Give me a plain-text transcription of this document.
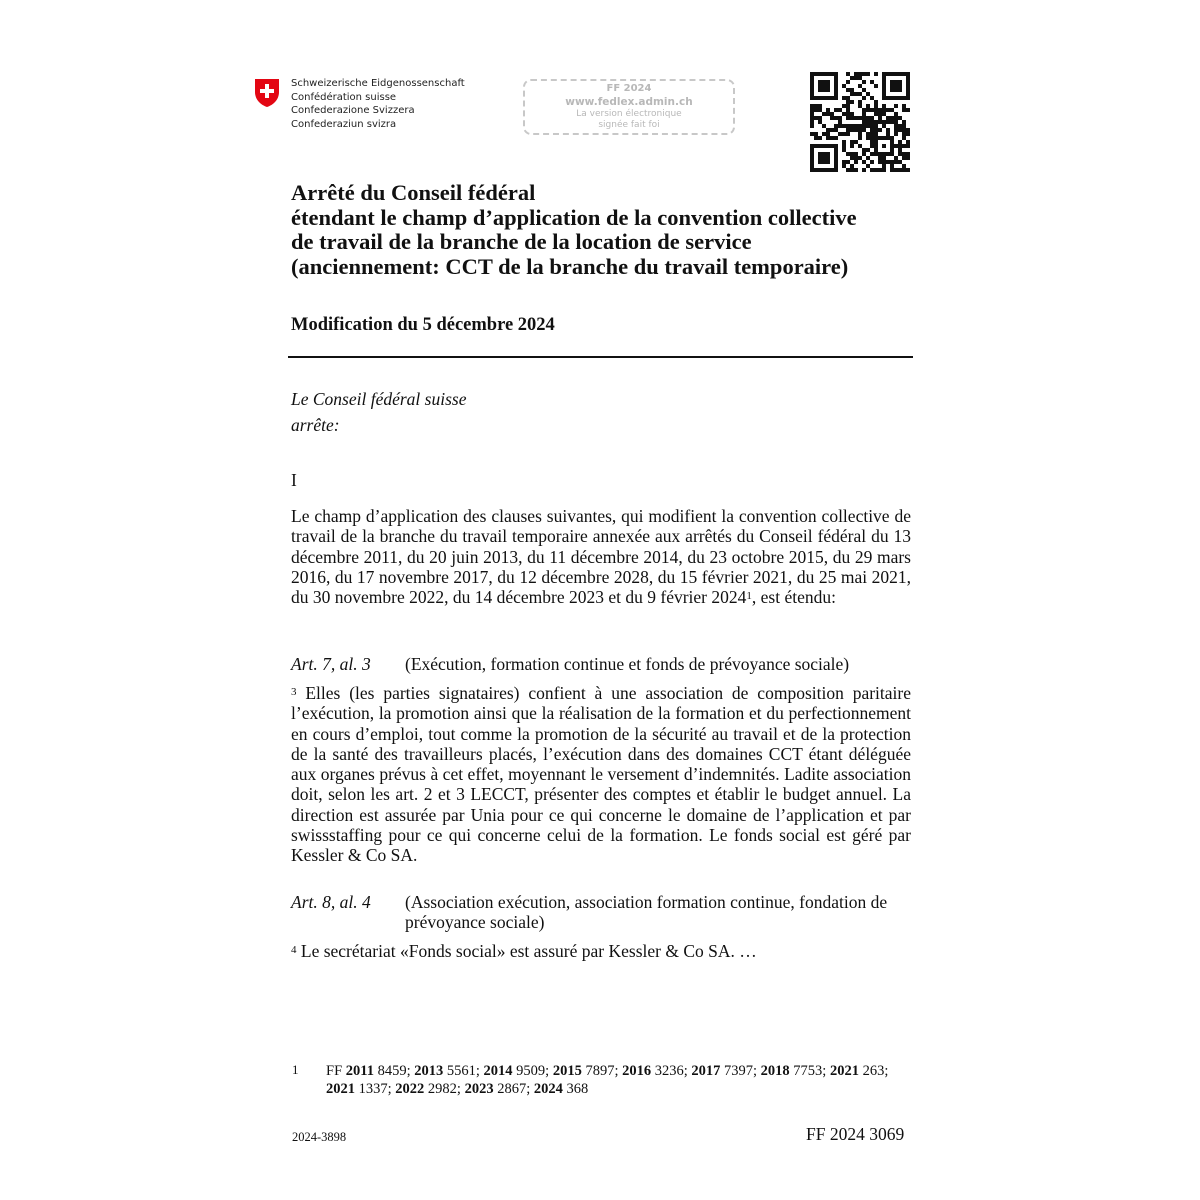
Schweizerische Eidgenossenschaft
Confédération suisse
Confederazione Svizzera
Confederaziun svizra
FF 2024
www.fedlex.admin.ch
La version électronique
signée fait foi
Arrêté du Conseil fédéral
étendant le champ d’application de la convention collective
de travail de la branche de la location de service
(anciennement: CCT de la branche du travail temporaire)
Modification du 5 décembre 2024
Le Conseil fédéral suisse
arrête:
I
Le champ d’application des clauses suivantes, qui modifient la convention collective de travail de la branche du travail temporaire annexée aux arrêtés du Conseil fédéral du 13 décembre 2011, du 20 juin 2013, du 11 décembre 2014, du 23 octobre 2015, du 29 mars 2016, du 17 novembre 2017, du 12 décembre 2028, du 15 février 2021, du 25 mai 2021, du 30 novembre 2022, du 14 décembre 2023 et du 9 février 2024$^1$, est étendu:
Art. 7, al. 3 (Exécution, formation continue et fonds de prévoyance sociale)
$^3$ Elles (les parties signataires) confient à une association de composition paritaire l’exécution, la promotion ainsi que la réalisation de la formation et du perfectionnement en cours d’emploi, tout comme la promotion de la sécurité au travail et de la protection de la santé des travailleurs placés, l’exécution dans des domaines CCT étant déléguée aux organes prévus à cet effet, moyennant le versement d’indemnités. Ladite association doit, selon les art. 2 et 3 LECCT, présenter des comptes et établir le budget annuel. La direction est assurée par Unia pour ce qui concerne le domaine de l’application et par swissstaffing pour ce qui concerne celui de la formation. Le fonds social est géré par Kessler & Co SA.
Art. 8, al. 4 (Association exécution, association formation continue, fondation de prévoyance sociale)
$^4$ Le secrétariat «Fonds social» est assuré par Kessler & Co SA. …
1 FF 2011 8459; 2013 5561; 2014 9509; 2015 7897; 2016 3236; 2017 7397; 2018 7753; 2021 263; 2021 1337; 2022 2982; 2023 2867; 2024 368
2024-3898	FF 2024 3069
